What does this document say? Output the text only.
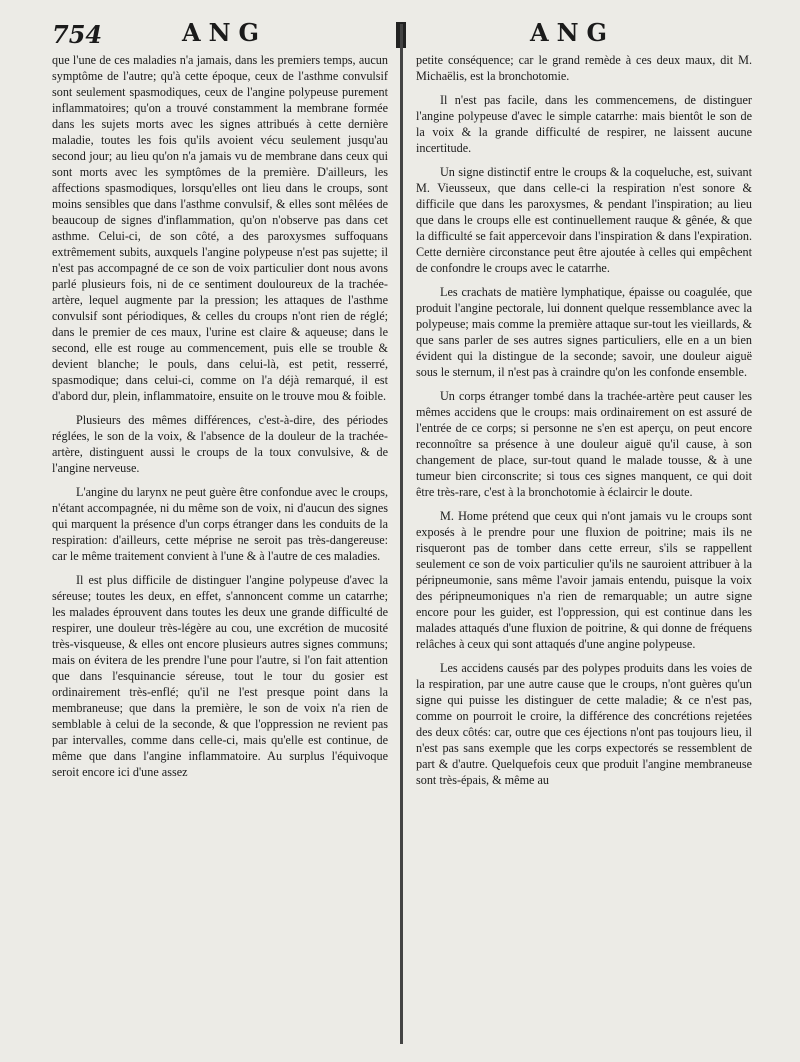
754	ANG	ANG

que l'une de ces maladies n'a jamais, dans les premiers temps, aucun symptôme de l'autre; qu'à cette époque, ceux de l'asthme convulsif sont seulement spasmodiques, ceux de l'angine polypeuse purement inflammatoires; qu'on a trouvé constamment la membrane formée dans les sujets morts avec les signes attribués à cette dernière maladie, toutes les fois qu'ils avoient vécu seulement jusqu'au second jour; au lieu qu'on n'a jamais vu de membrane dans ceux qui sont morts avec les symptômes de la première. D'ailleurs, les affections spasmodiques, lorsqu'elles ont lieu dans le croups, sont moins sensibles que dans l'asthme convulsif, & elles sont mêlées de beaucoup de signes d'inflammation, qu'on n'observe pas dans cet asthme. Celui-ci, de son côté, a des paroxysmes suffoquans extrêmement subits, auxquels l'angine polypeuse n'est pas sujette; il n'est pas accompagné de ce son de voix particulier dont nous avons parlé plusieurs fois, ni de ce sentiment douloureux de la trachée-artère, lequel augmente par la pression; les attaques de l'asthme convulsif sont périodiques, & celles du croups n'ont rien de réglé; dans le premier de ces maux, l'urine est claire & aqueuse; dans le second, elle est rouge au commencement, puis elle se trouble & devient blanche; le pouls, dans celui-là, est petit, resserré, spasmodique; dans celui-ci, comme on l'a déjà remarqué, il est d'abord dur, plein, inflammatoire, ensuite on le trouve mou & foible.

Plusieurs des mêmes différences, c'est-à-dire, des périodes réglées, le son de la voix, & l'absence de la douleur de la trachée-artère, distinguent aussi le croups de la toux convulsive, & de l'angine nerveuse.

L'angine du larynx ne peut guère être confondue avec le croups, n'étant accompagnée, ni du même son de voix, ni d'aucun des signes qui marquent la présence d'un corps étranger dans les conduits de la respiration: d'ailleurs, cette méprise ne seroit pas très-dangereuse: car le même traitement convient à l'une & à l'autre de ces maladies.

Il est plus difficile de distinguer l'angine polypeuse d'avec la séreuse; toutes les deux, en effet, s'annoncent comme un catarrhe; les malades éprouvent dans toutes les deux une grande difficulté de respirer, une douleur très-légère au cou, une excrétion de mucosité très-visqueuse, & elles ont encore plusieurs autres signes communs; mais on évitera de les prendre l'une pour l'autre, si l'on fait attention que dans l'esquinancie séreuse, tout le tour du gosier est ordinairement très-enflé; qu'il ne l'est presque point dans la membraneuse; que dans la première, le son de voix n'a rien de semblable à celui de la seconde, & que l'oppression ne revient pas par intervalles, comme dans celle-ci, mais qu'elle est continue, de même que dans l'angine inflammatoire. Au surplus l'équivoque seroit encore ici d'une assez

petite conséquence; car le grand remède à ces deux maux, dit M. Michaëlis, est la bronchotomie.

Il n'est pas facile, dans les commencemens, de distinguer l'angine polypeuse d'avec le simple catarrhe: mais bientôt le son de la voix & la grande difficulté de respirer, ne laissent aucune incertitude.

Un signe distinctif entre le croups & la coqueluche, est, suivant M. Vieusseux, que dans celle-ci la respiration n'est sonore & difficile que dans les paroxysmes, & pendant l'inspiration; au lieu que dans le croups elle est continuellement rauque & gênée, & que la difficulté se fait appercevoir dans l'inspiration & dans l'expiration. Cette dernière circonstance peut être ajoutée à celles qui empêchent de confondre le croups avec le catarrhe.

Les crachats de matière lymphatique, épaisse ou coagulée, que produit l'angine pectorale, lui donnent quelque ressemblance avec la polypeuse; mais comme la première attaque sur-tout les vieillards, & que sans parler de ses autres signes particuliers, elle en a un bien évident qui la distingue de la seconde; savoir, une douleur aiguë sous le sternum, il n'est pas à craindre qu'on les confonde ensemble.

Un corps étranger tombé dans la trachée-artère peut causer les mêmes accidens que le croups: mais ordinairement on est assuré de l'entrée de ce corps; si personne ne s'en est aperçu, on peut encore reconnoître sa présence à une douleur aiguë qu'il cause, à son changement de place, sur-tout quand le malade tousse, & à une tumeur bien circonscrite; si tous ces signes manquent, ce qui doit être très-rare, c'est à la bronchotomie à éclaircir le doute.

M. Home prétend que ceux qui n'ont jamais vu le croups sont exposés à le prendre pour une fluxion de poitrine; mais ils ne risqueront pas de tomber dans cette erreur, s'ils se rappellent seulement ce son de voix particulier qu'ils ne sauroient attribuer à la péripneumonie, sans même l'avoir jamais entendu, puisque la voix des péripneumoniques n'a rien de remarquable; un autre signe encore pour les guider, est l'oppression, qui est continue dans les malades attaqués d'une fluxion de poitrine, & qui donne de fréquens relâches à ceux qui sont attaqués d'une angine polypeuse.

Les accidens causés par des polypes produits dans les voies de la respiration, par une autre cause que le croups, n'ont guères qu'un signe qui puisse les distinguer de cette maladie; & ce n'est pas, comme on pourroit le croire, la différence des concrétions rejetées des deux côtés: car, outre que ces éjections n'ont pas toujours lieu, il n'est pas sans exemple que les corps expectorés se ressemblent de part & d'autre. Quelquefois ceux que produit l'angine membraneuse sont très-épais, & même au
